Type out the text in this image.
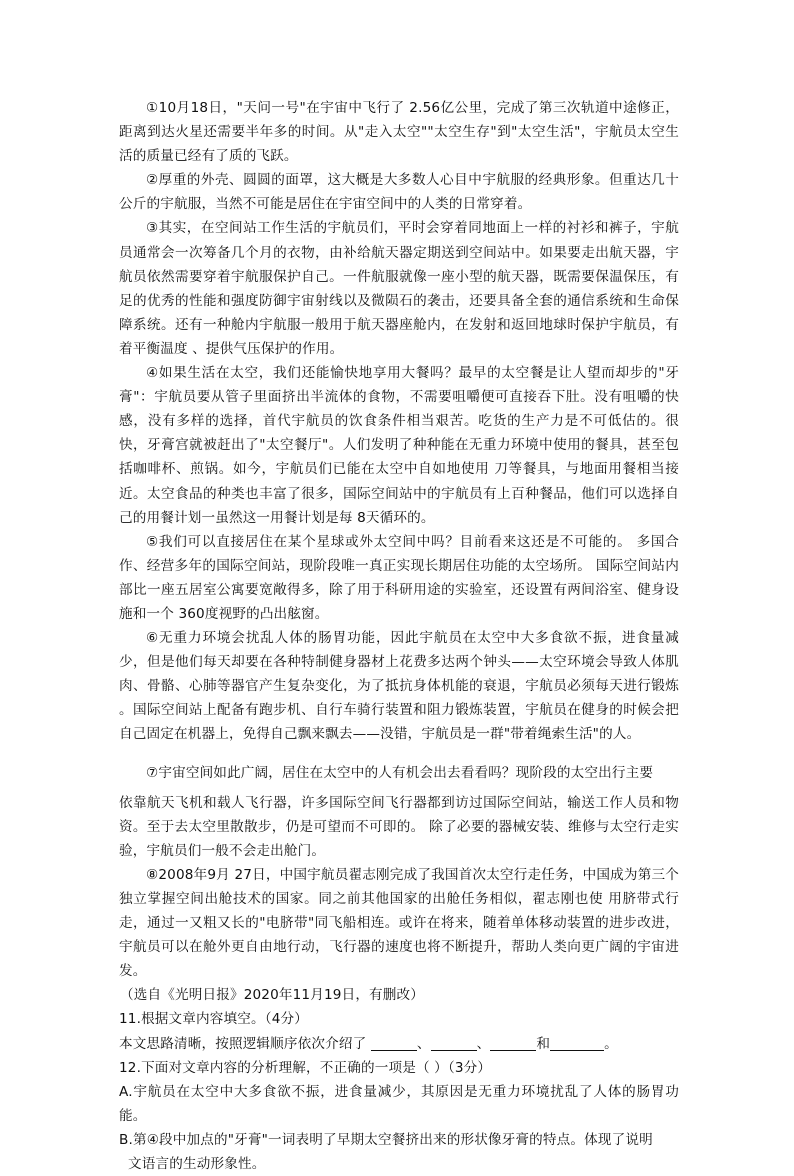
①10月18日，"天问一号"在宇宙中飞行了 2.56亿公里，完成了第三次轨道中途修正，距离到达火星还需要半年多的时间。从"走入太空""太空生存"到"太空生活"，宇航员太空生活的质量已经有了质的飞跃。

②厚重的外壳、圆圆的面罩，这大概是大多数人心目中宇航服的经典形象。但重达几十公斤的宇航服，当然不可能是居住在宇宙空间中的人类的日常穿着。

③其实，在空间站工作生活的宇航员们，平时会穿着同地面上一样的衬衫和裤子，宇航员通常会一次筹备几个月的衣物，由补给航天器定期送到空间站中。如果要走出航天器，宇航员依然需要穿着宇航服保护自己。一件航服就像一座小型的航天器，既需要保温保压，有足的优秀的性能和强度防御宇宙射线以及微陨石的袭击，还要具备全套的通信系统和生命保障系统。还有一种舱内宇航服一般用于航天器座舱内，在发射和返回地球时保护宇航员，有着平衡温度 、提供气压保护的作用。

④如果生活在太空，我们还能愉快地享用大餐吗？最早的太空餐是让人望而却步的"牙膏"：宇航员要从管子里面挤出半流体的食物，不需要咀嚼便可直接吞下肚。没有咀嚼的快感，没有多样的选择，首代宇航员的饮食条件相当艰苦。吃货的生产力是不可低估的。很快，牙膏宫就被赶出了"太空餐厅"。人们发明了种种能在无重力环境中使用的餐具，甚至包括咖啡杯、煎锅。如今，宇航员们已能在太空中自如地使用 刀等餐具，与地面用餐相当接近。太空食品的种类也丰富了很多，国际空间站中的宇航员有上百种餐品，他们可以选择自己的用餐计划一虽然这一用餐计划是每 8天循环的。

⑤我们可以直接居住在某个星球或外太空间中吗？目前看来这还是不可能的。 多国合作、经营多年的国际空间站，现阶段唯一真正实现长期居住功能的太空场所。 国际空间站内部比一座五居室公寓要宽敞得多，除了用于科研用途的实验室，还设置有两间浴室、健身设施和一个 360度视野的凸出舷窗。

⑥无重力环境会扰乱人体的肠胃功能，因此宇航员在太空中大多食欲不振，进食量减少，但是他们每天却要在各种特制健身器材上花费多达两个钟头——太空环境会导致人体肌肉、骨骼、心肺等器官产生复杂变化，为了抵抗身体机能的衰退，宇航员必须每天进行锻炼 。国际空间站上配备有跑步机、自行车骑行装置和阻力锻炼装置，宇航员在健身的时候会把自己固定在机器上，免得自己飘来飘去——没错，宇航员是一群"带着绳索生活"的人。

⑦宇宙空间如此广阔，居住在太空中的人有机会出去看看吗？现阶段的太空出行主要

依靠航天飞机和载人飞行器，许多国际空间飞行器都到访过国际空间站，输送工作人员和物资。至于去太空里散散步，仍是可望而不可即的。 除了必要的器械安装、维修与太空行走实验，宇航员们一般不会走出舱门。

⑧2008年9月 27日，中国宇航员翟志刚完成了我国首次太空行走任务，中国成为第三个独立掌握空间出舱技术的国家。同之前其他国家的出舱任务相似，翟志刚也使 用脐带式行走，通过一又粗又长的"电脐带"同飞船相连。或许在将来，随着单体移动装置的进步改进，宇航员可以在舱外更自由地行动，飞行器的速度也将不断提升，帮助人类向更广阔的宇宙进发。

（选自《光明日报》2020年11月19日，有删改）

11.根据文章内容填空。（4分）

本文思路清晰，按照逻辑顺序依次介绍了	、	、	和	。

12.下面对文章内容的分析理解，不正确的一项是（ ）（3分）

A.宇航员在太空中大多食欲不振，进食量减少，其原因是无重力环境扰乱了人体的肠胃功能。

B.第④段中加点的"牙膏"一词表明了早期太空餐挤出来的形状像牙膏的特点。体现了说明

文语言的生动形象性。
